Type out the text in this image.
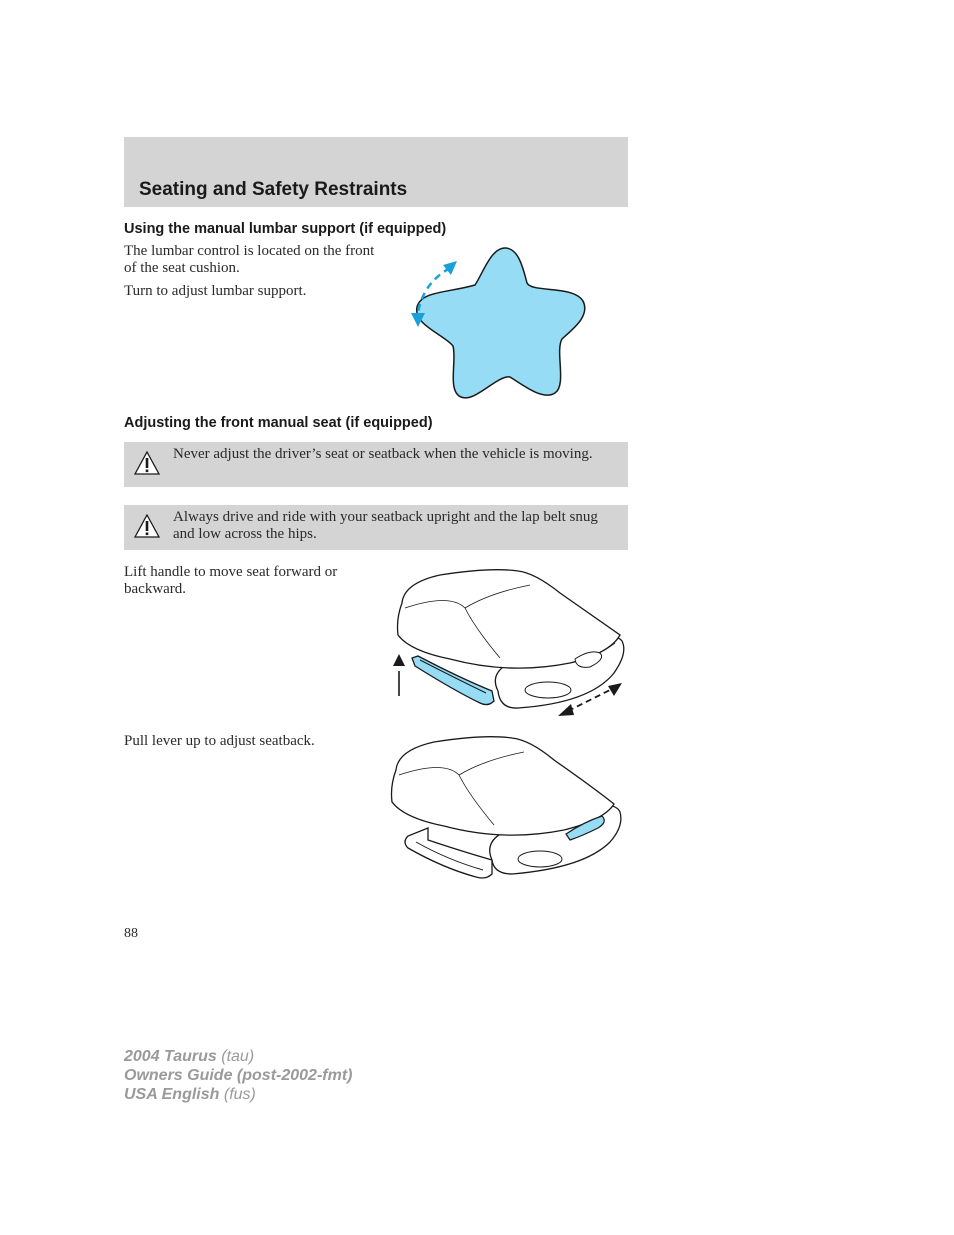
Seating and Safety Restraints
Using the manual lumbar support (if equipped)
The lumbar control is located on the front of the seat cushion.
Turn to adjust lumbar support.
Adjusting the front manual seat (if equipped)
Never adjust the driver’s seat or seatback when the vehicle is moving.
Always drive and ride with your seatback upright and the lap belt snug and low across the hips.
Lift handle to move seat forward or backward.
Pull lever up to adjust seatback.
88
2004 Taurus (tau)
Owners Guide (post-2002-fmt)
USA English (fus)
